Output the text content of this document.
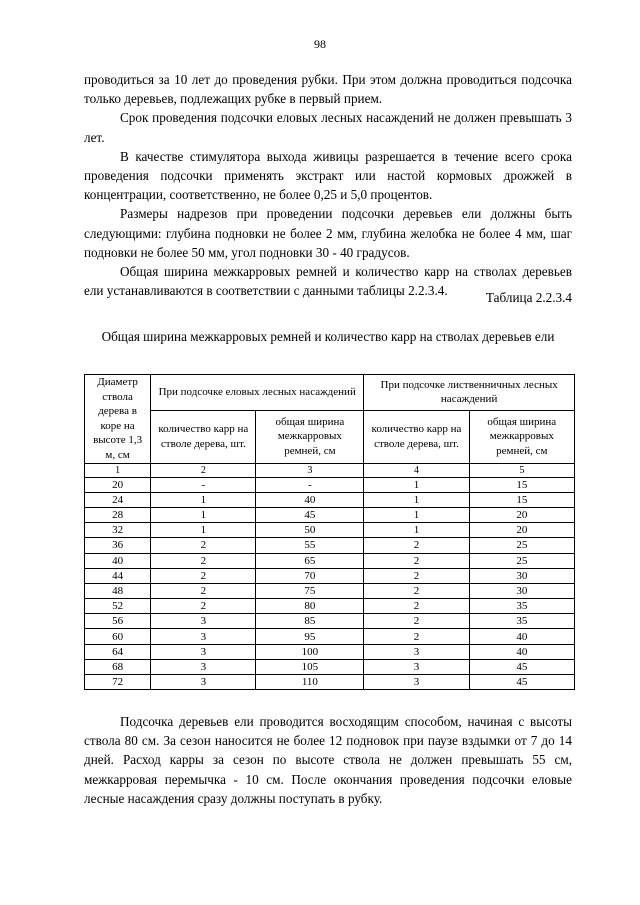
98

проводиться за 10 лет до проведения рубки. При этом должна проводиться подсочка только деревьев, подлежащих рубке в первый прием.

Срок проведения подсочки еловых лесных насаждений не должен превышать 3 лет.

В качестве стимулятора выхода живицы разрешается в течение всего срока проведения подсочки применять экстракт или настой кормовых дрожжей в концентрации, соответственно, не более 0,25 и 5,0 процентов.

Размеры надрезов при проведении подсочки деревьев ели должны быть следующими: глубина подновки не более 2 мм, глубина желобка не более 4 мм, шаг подновки не более 50 мм, угол подновки 30 - 40 градусов.

Общая ширина межкарровых ремней и количество карр на стволах деревьев ели устанавливаются в соответствии с данными таблицы 2.2.3.4.	Таблица 2.2.3.4
Общая ширина межкарровых ремней и количество карр на стволах деревьев ели
Диаметр ствола дерева в коре на высоте 1,3 м, см	При подсочке еловых лесных насаждений		При подсочке лиственничных лесных насаждений	
	количество карр на стволе дерева, шт.	общая ширина межкарровых ремней, см	количество карр на стволе дерева, шт.	общая ширина межкарровых ремней, см
1	2	3	4	5
20	-	-	1	15
24	1	40	1	15
28	1	45	1	20
32	1	50	1	20
36	2	55	2	25
40	2	65	2	25
44	2	70	2	30
48	2	75	2	30
52	2	80	2	35
56	3	85	2	35
60	3	95	2	40
64	3	100	3	40
68	3	105	3	45
72	3	110	3	45

Подсочка деревьев ели проводится восходящим способом, начиная с высоты ствола 80 см. За сезон наносится не более 12 подновок при паузе вздымки от 7 до 14 дней. Расход карры за сезон по высоте ствола не должен превышать 55 см, межкарровая перемычка - 10 см. После окончания проведения подсочки еловые лесные насаждения сразу должны поступать в рубку.
